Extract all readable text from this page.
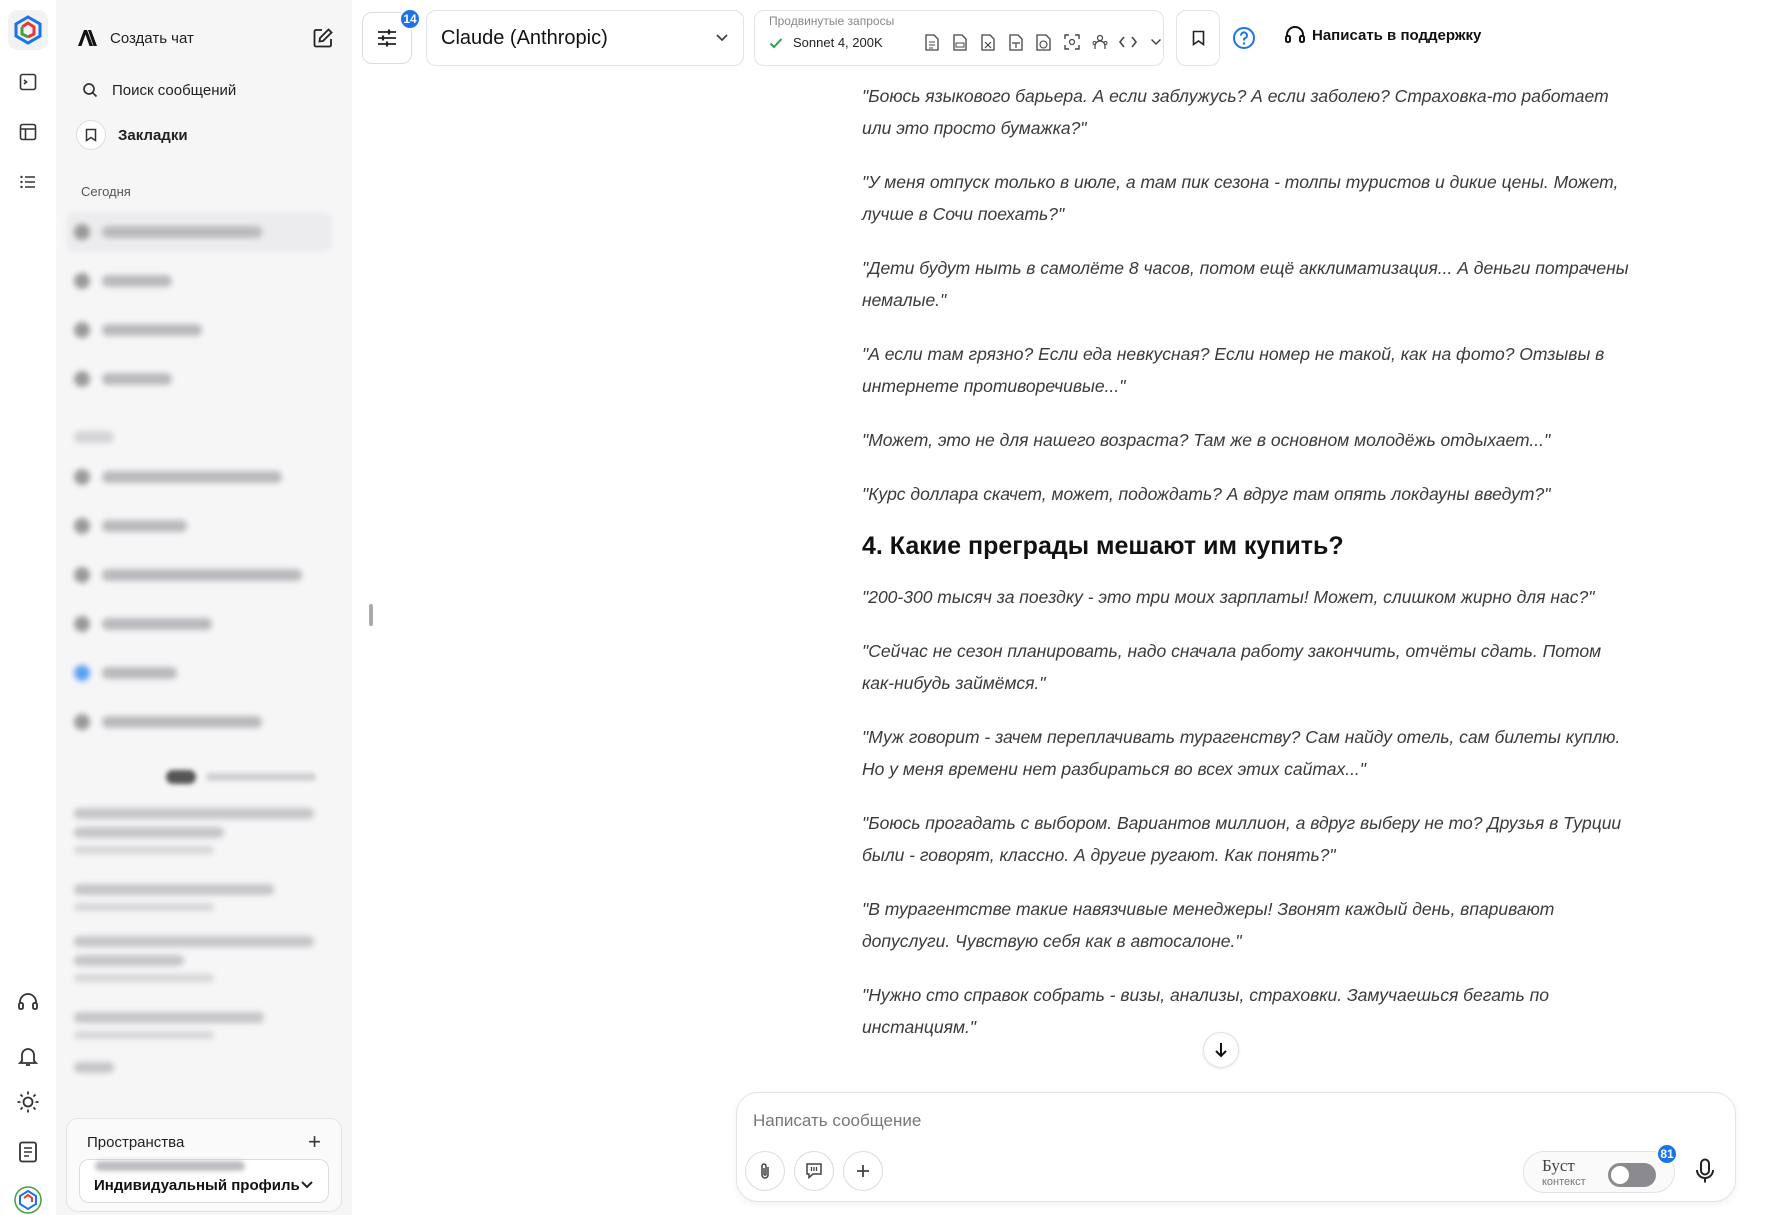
Создать чат
Поиск сообщений
Закладки
Сегодня
Пространства	+
Индивидуальный профиль
14
Claude (Anthropic)
Продвинутые запросы
Sonnet 4, 200K	Написать в поддержку

"Боюсь языкового барьера. А если заблужусь? А если заболею? Страховка-то работает или это просто бумажка?"

"У меня отпуск только в июле, а там пик сезона - толпы туристов и дикие цены. Может, лучше в Сочи поехать?"

"Дети будут ныть в самолёте 8 часов, потом ещё акклиматизация... А деньги потрачены немалые."

"А если там грязно? Если еда невкусная? Если номер не такой, как на фото? Отзывы в интернете противоречивые..."

"Может, это не для нашего возраста? Там же в основном молодёжь отдыхает..."

"Курс доллара скачет, может, подождать? А вдруг там опять локдауны введут?"

4. Какие преграды мешают им купить?

"200-300 тысяч за поездку - это три моих зарплаты! Может, слишком жирно для нас?"

"Сейчас не сезон планировать, надо сначала работу закончить, отчёты сдать. Потом как-нибудь займёмся."

"Муж говорит - зачем переплачивать турагенству? Сам найду отель, сам билеты куплю. Но у меня времени нет разбираться во всех этих сайтах..."

"Боюсь прогадать с выбором. Вариантов миллион, а вдруг выберу не то? Друзья в Турции были - говорят, классно. А другие ругают. Как понять?"

"В турагентстве такие навязчивые менеджеры! Звонят каждый день, впаривают допуслуги. Чувствую себя как в автосалоне."

"Нужно сто справок собрать - визы, анализы, страховки. Замучаешься бегать по инстанциям."

Написать сообщение
Буст
контекст
81
